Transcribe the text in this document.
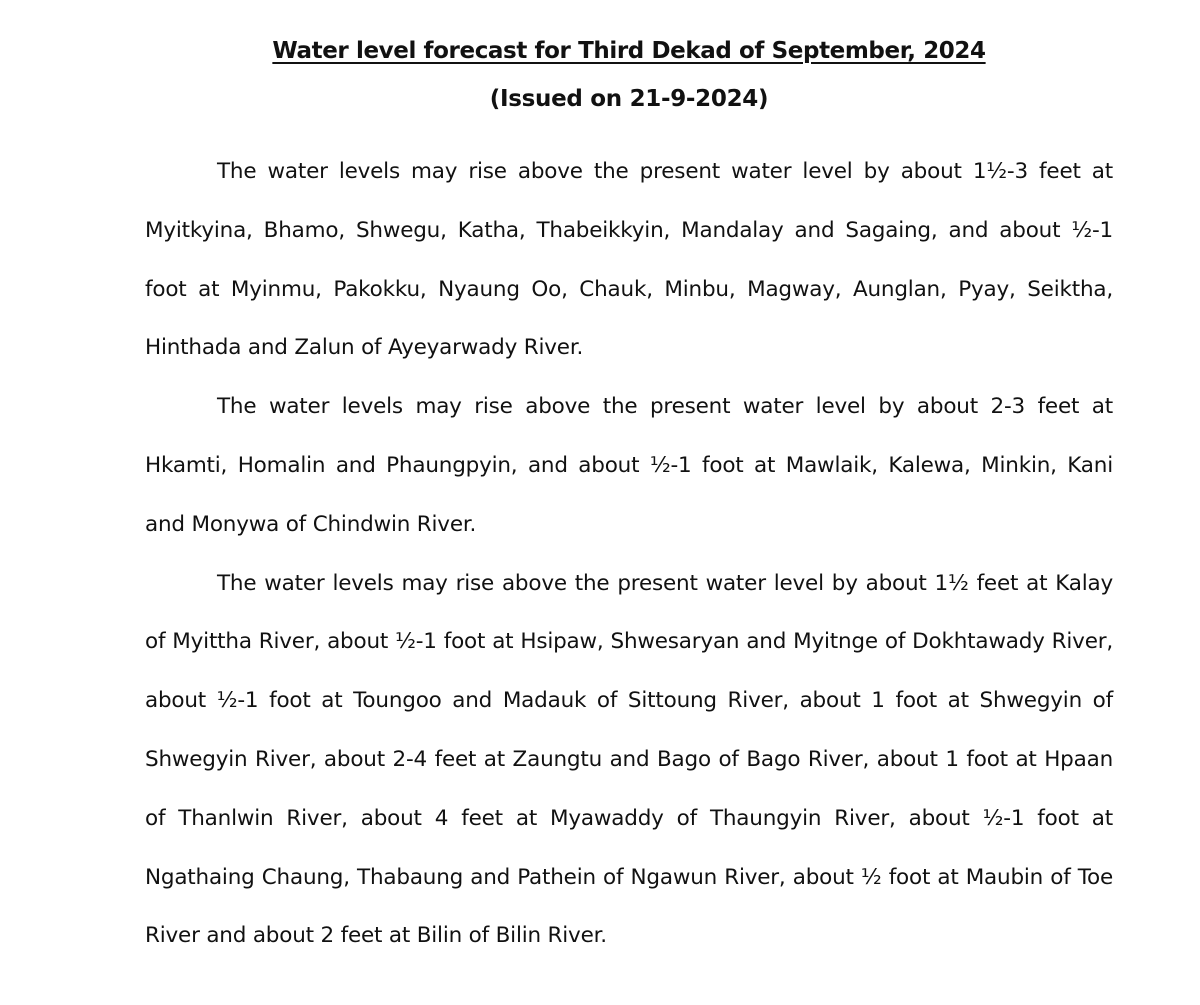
Water level forecast for Third Dekad of September, 2024
(Issued on 21-9-2024)

The water levels may rise above the present water level by about 1½-3 feet at Myitkyina, Bhamo, Shwegu, Katha, Thabeikkyin, Mandalay and Sagaing, and about ½-1 foot at Myinmu, Pakokku, Nyaung Oo, Chauk, Minbu, Magway, Aunglan, Pyay, Seiktha, Hinthada and Zalun of Ayeyarwady River.

The water levels may rise above the present water level by about 2-3 feet at Hkamti, Homalin and Phaungpyin, and about ½-1 foot at Mawlaik, Kalewa, Minkin, Kani and Monywa of Chindwin River.

The water levels may rise above the present water level by about 1½ feet at Kalay of Myittha River, about ½-1 foot at Hsipaw, Shwesaryan and Myitnge of Dokhtawady River, about ½-1 foot at Toungoo and Madauk of Sittoung River, about 1 foot at Shwegyin of Shwegyin River, about 2-4 feet at Zaungtu and Bago of Bago River, about 1 foot at Hpaan of Thanlwin River, about 4 feet at Myawaddy of Thaungyin River, about ½-1 foot at Ngathaing Chaung, Thabaung and Pathein of Ngawun River, about ½ foot at Maubin of Toe River and about 2 feet at Bilin of Bilin River.
